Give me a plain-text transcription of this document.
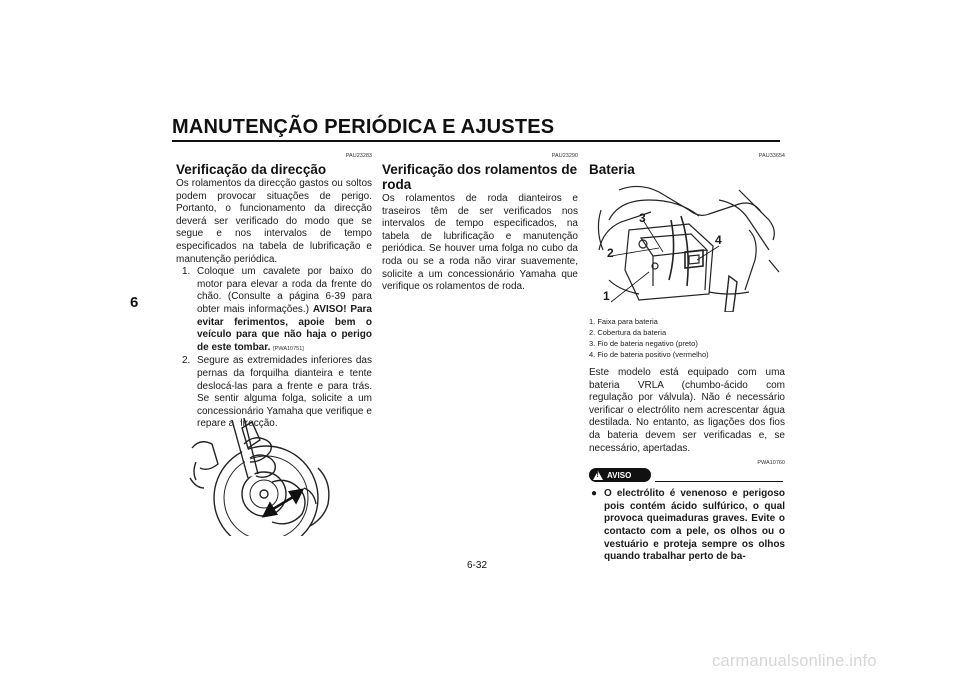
MANUTENÇÃO PERIÓDICA E AJUSTES
6
PAU23283
Verificação da direcção

Os rolamentos da direcção gastos ou soltos podem provocar situações de perigo. Portanto, o funcionamento da direcção deverá ser verificado do modo que se segue e nos intervalos de tempo especificados na tabela de lubrificação e manutenção periódica.

1. Coloque um cavalete por baixo do motor para elevar a roda da frente do chão. (Consulte a página 6-39 para obter mais informações.) AVISO! Para evitar ferimentos, apoie bem o veículo para que não haja o perigo de este tombar. [PWA10751]
2. Segure as extremidades inferiores das pernas da forquilha dianteira e tente deslocá-las para a frente e para trás. Se sentir alguma folga, solicite a um concessionário Yamaha que verifique e repare a direcção.
PAU23290
Verificação dos rolamentos de roda

Os rolamentos de roda dianteiros e traseiros têm de ser verificados nos intervalos de tempo especificados, na tabela de lubrificação e manutenção periódica. Se houver uma folga no cubo da roda ou se a roda não virar suavemente, solicite a um concessionário Yamaha que verifique os rolamentos de roda.

PAU33654
Bateria
1
2
3
4
1. Faixa para bateria
2. Cobertura da bateria
3. Fio de bateria negativo (preto)
4. Fio de bateria positivo (vermelho)

Este modelo está equipado com uma bateria VRLA (chumbo-ácido com regulação por válvula). Não é necessário verificar o electrólito nem acrescentar água destilada. No entanto, as ligações dos fios da bateria devem ser verificadas e, se necessário, apertadas.

PWA10760
!
AVISO
● O electrólito é venenoso e perigoso pois contém ácido sulfúrico, o qual provoca queimaduras graves. Evite o contacto com a pele, os olhos ou o vestuário e proteja sempre os olhos quando trabalhar perto de ba-
6-32
carmanualsonline.info
